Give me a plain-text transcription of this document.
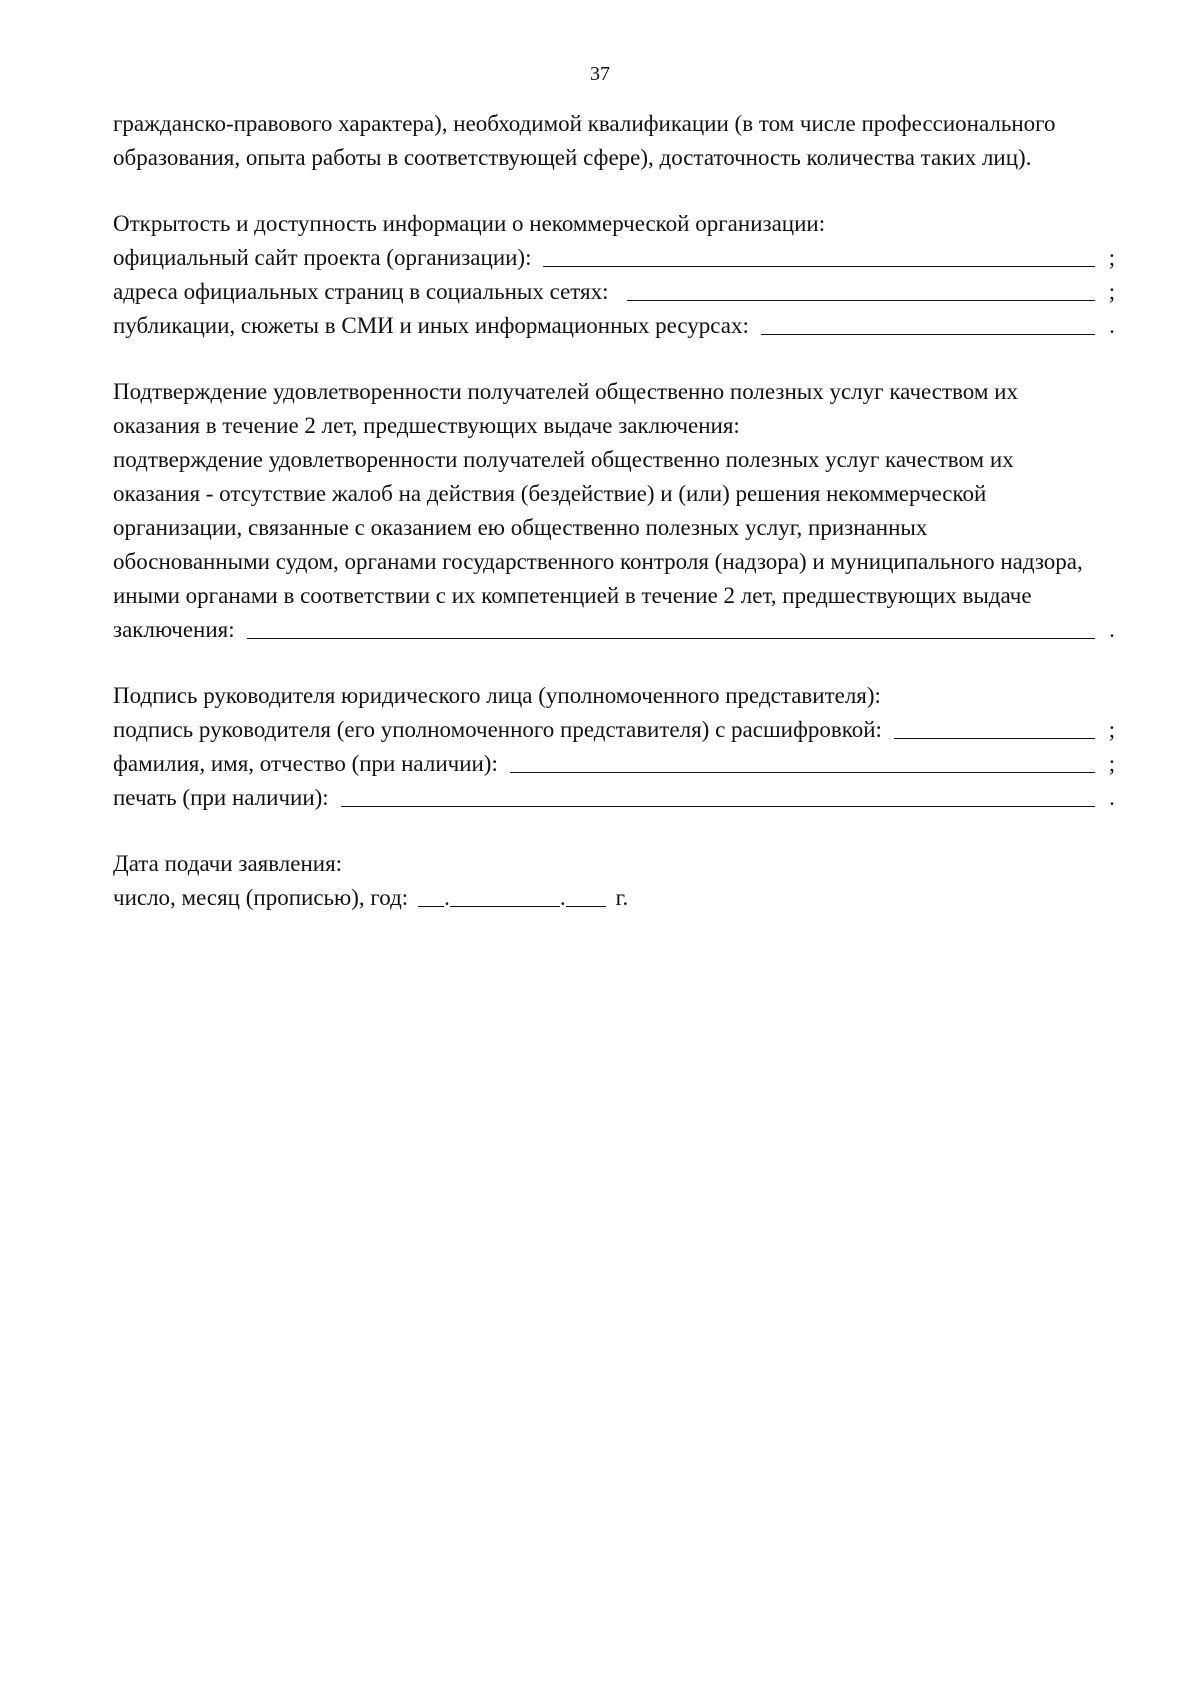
37
гражданско-правового характера), необходимой квалификации (в том числе профессионального
образования, опыта работы в соответствующей сфере), достаточность количества таких лиц).
Открытость и доступность информации о некоммерческой организации:
официальный сайт проекта (организации):	;
адреса официальных страниц в социальных сетях:	;
публикации, сюжеты в СМИ и иных информационных ресурсах:	.
Подтверждение удовлетворенности получателей общественно полезных услуг качеством их
оказания в течение 2 лет, предшествующих выдаче заключения:
подтверждение удовлетворенности получателей общественно полезных услуг качеством их
оказания - отсутствие жалоб на действия (бездействие) и (или) решения некоммерческой
организации, связанные с оказанием ею общественно полезных услуг, признанных
обоснованными судом, органами государственного контроля (надзора) и муниципального надзора,
иными органами в соответствии с их компетенцией в течение 2 лет, предшествующих выдаче
заключения:	.
Подпись руководителя юридического лица (уполномоченного представителя):
подпись руководителя (его уполномоченного представителя) с расшифровкой:	;
фамилия, имя, отчество (при наличии):	;
печать (при наличии):	.
Дата подачи заявления:
число, месяц (прописью), год: .	. г.
